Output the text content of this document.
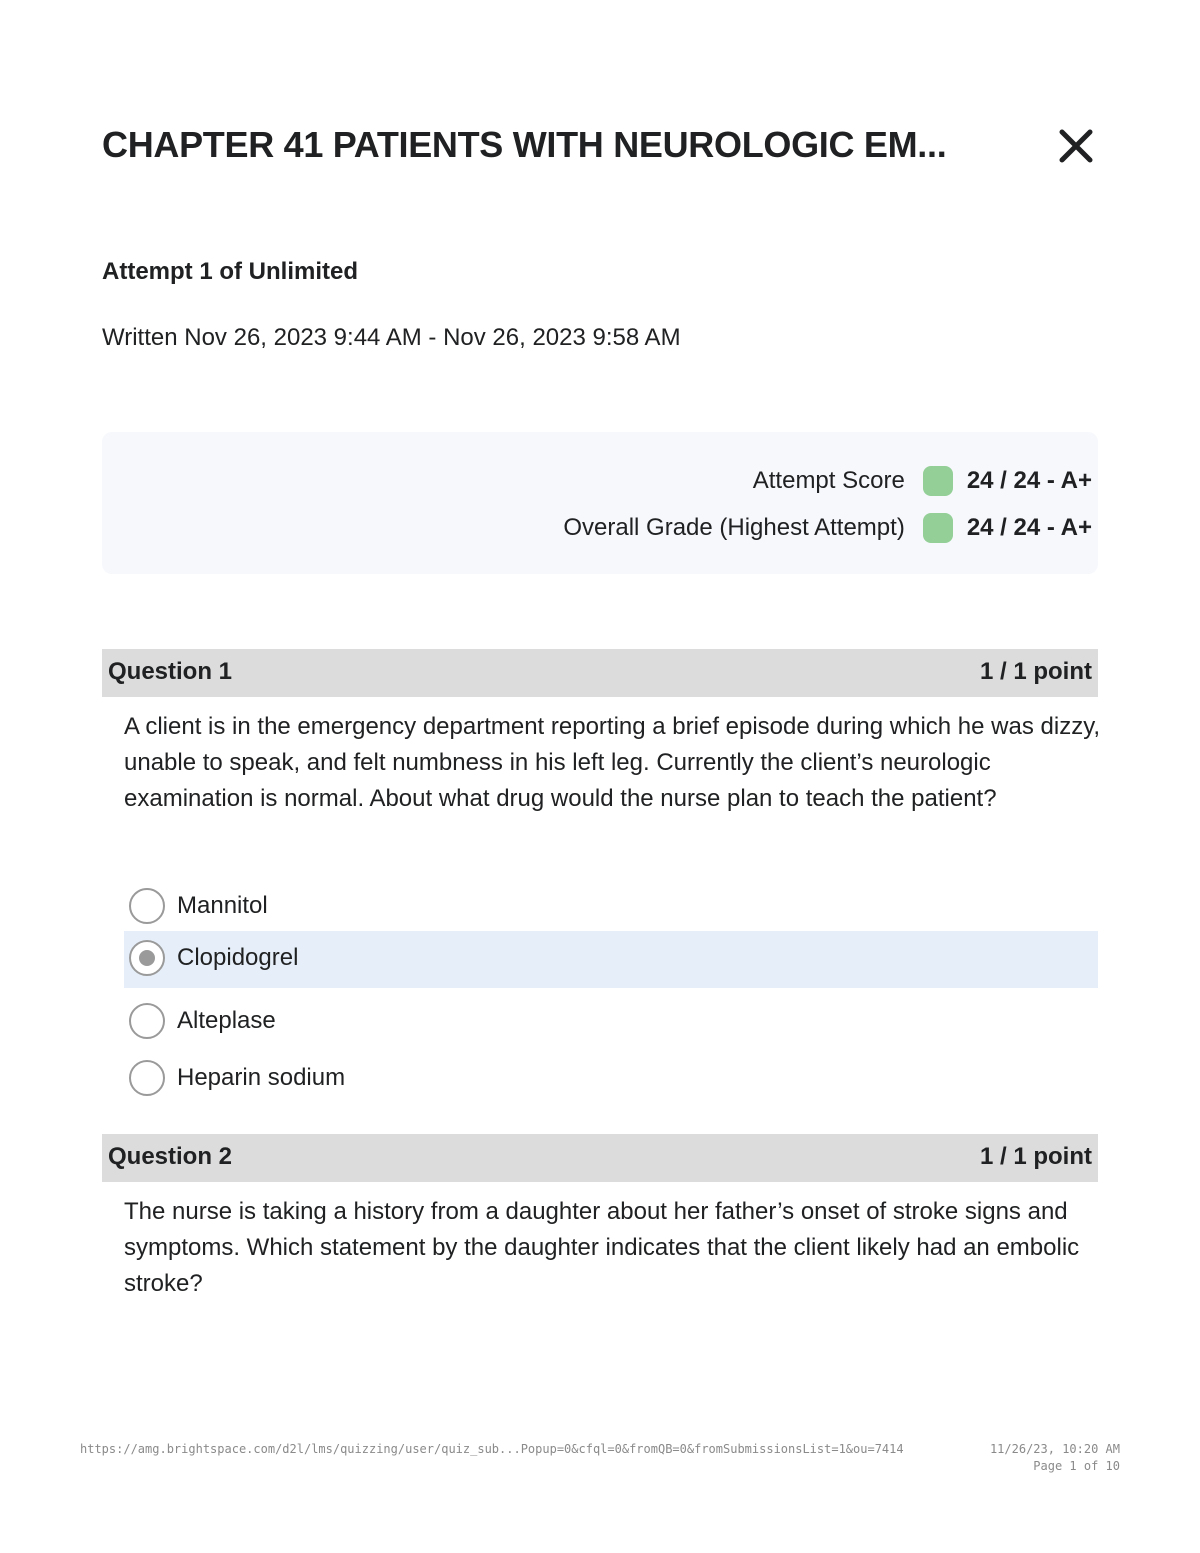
CHAPTER 41 PATIENTS WITH NEUROLOGIC EM...
Attempt 1 of Unlimited
Written Nov 26, 2023 9:44 AM - Nov 26, 2023 9:58 AM
Attempt Score	24 / 24 - A+
Overall Grade (Highest Attempt)	24 / 24 - A+
Question 1	1 / 1 point
A client is in the emergency department reporting a brief episode during which he was dizzy, unable to speak, and felt numbness in his left leg. Currently the client’s neurologic examination is normal. About what drug would the nurse plan to teach the patient?
Mannitol
Clopidogrel
Alteplase
Heparin sodium
Question 2	1 / 1 point
The nurse is taking a history from a daughter about her father’s onset of stroke signs and symptoms. Which statement by the daughter indicates that the client likely had an embolic stroke?
https://amg.brightspace.com/d2l/lms/quizzing/user/quiz_sub...Popup=0&cfql=0&fromQB=0&fromSubmissionsList=1&ou=7414	11/26/23, 10:20 AM
Page 1 of 10
